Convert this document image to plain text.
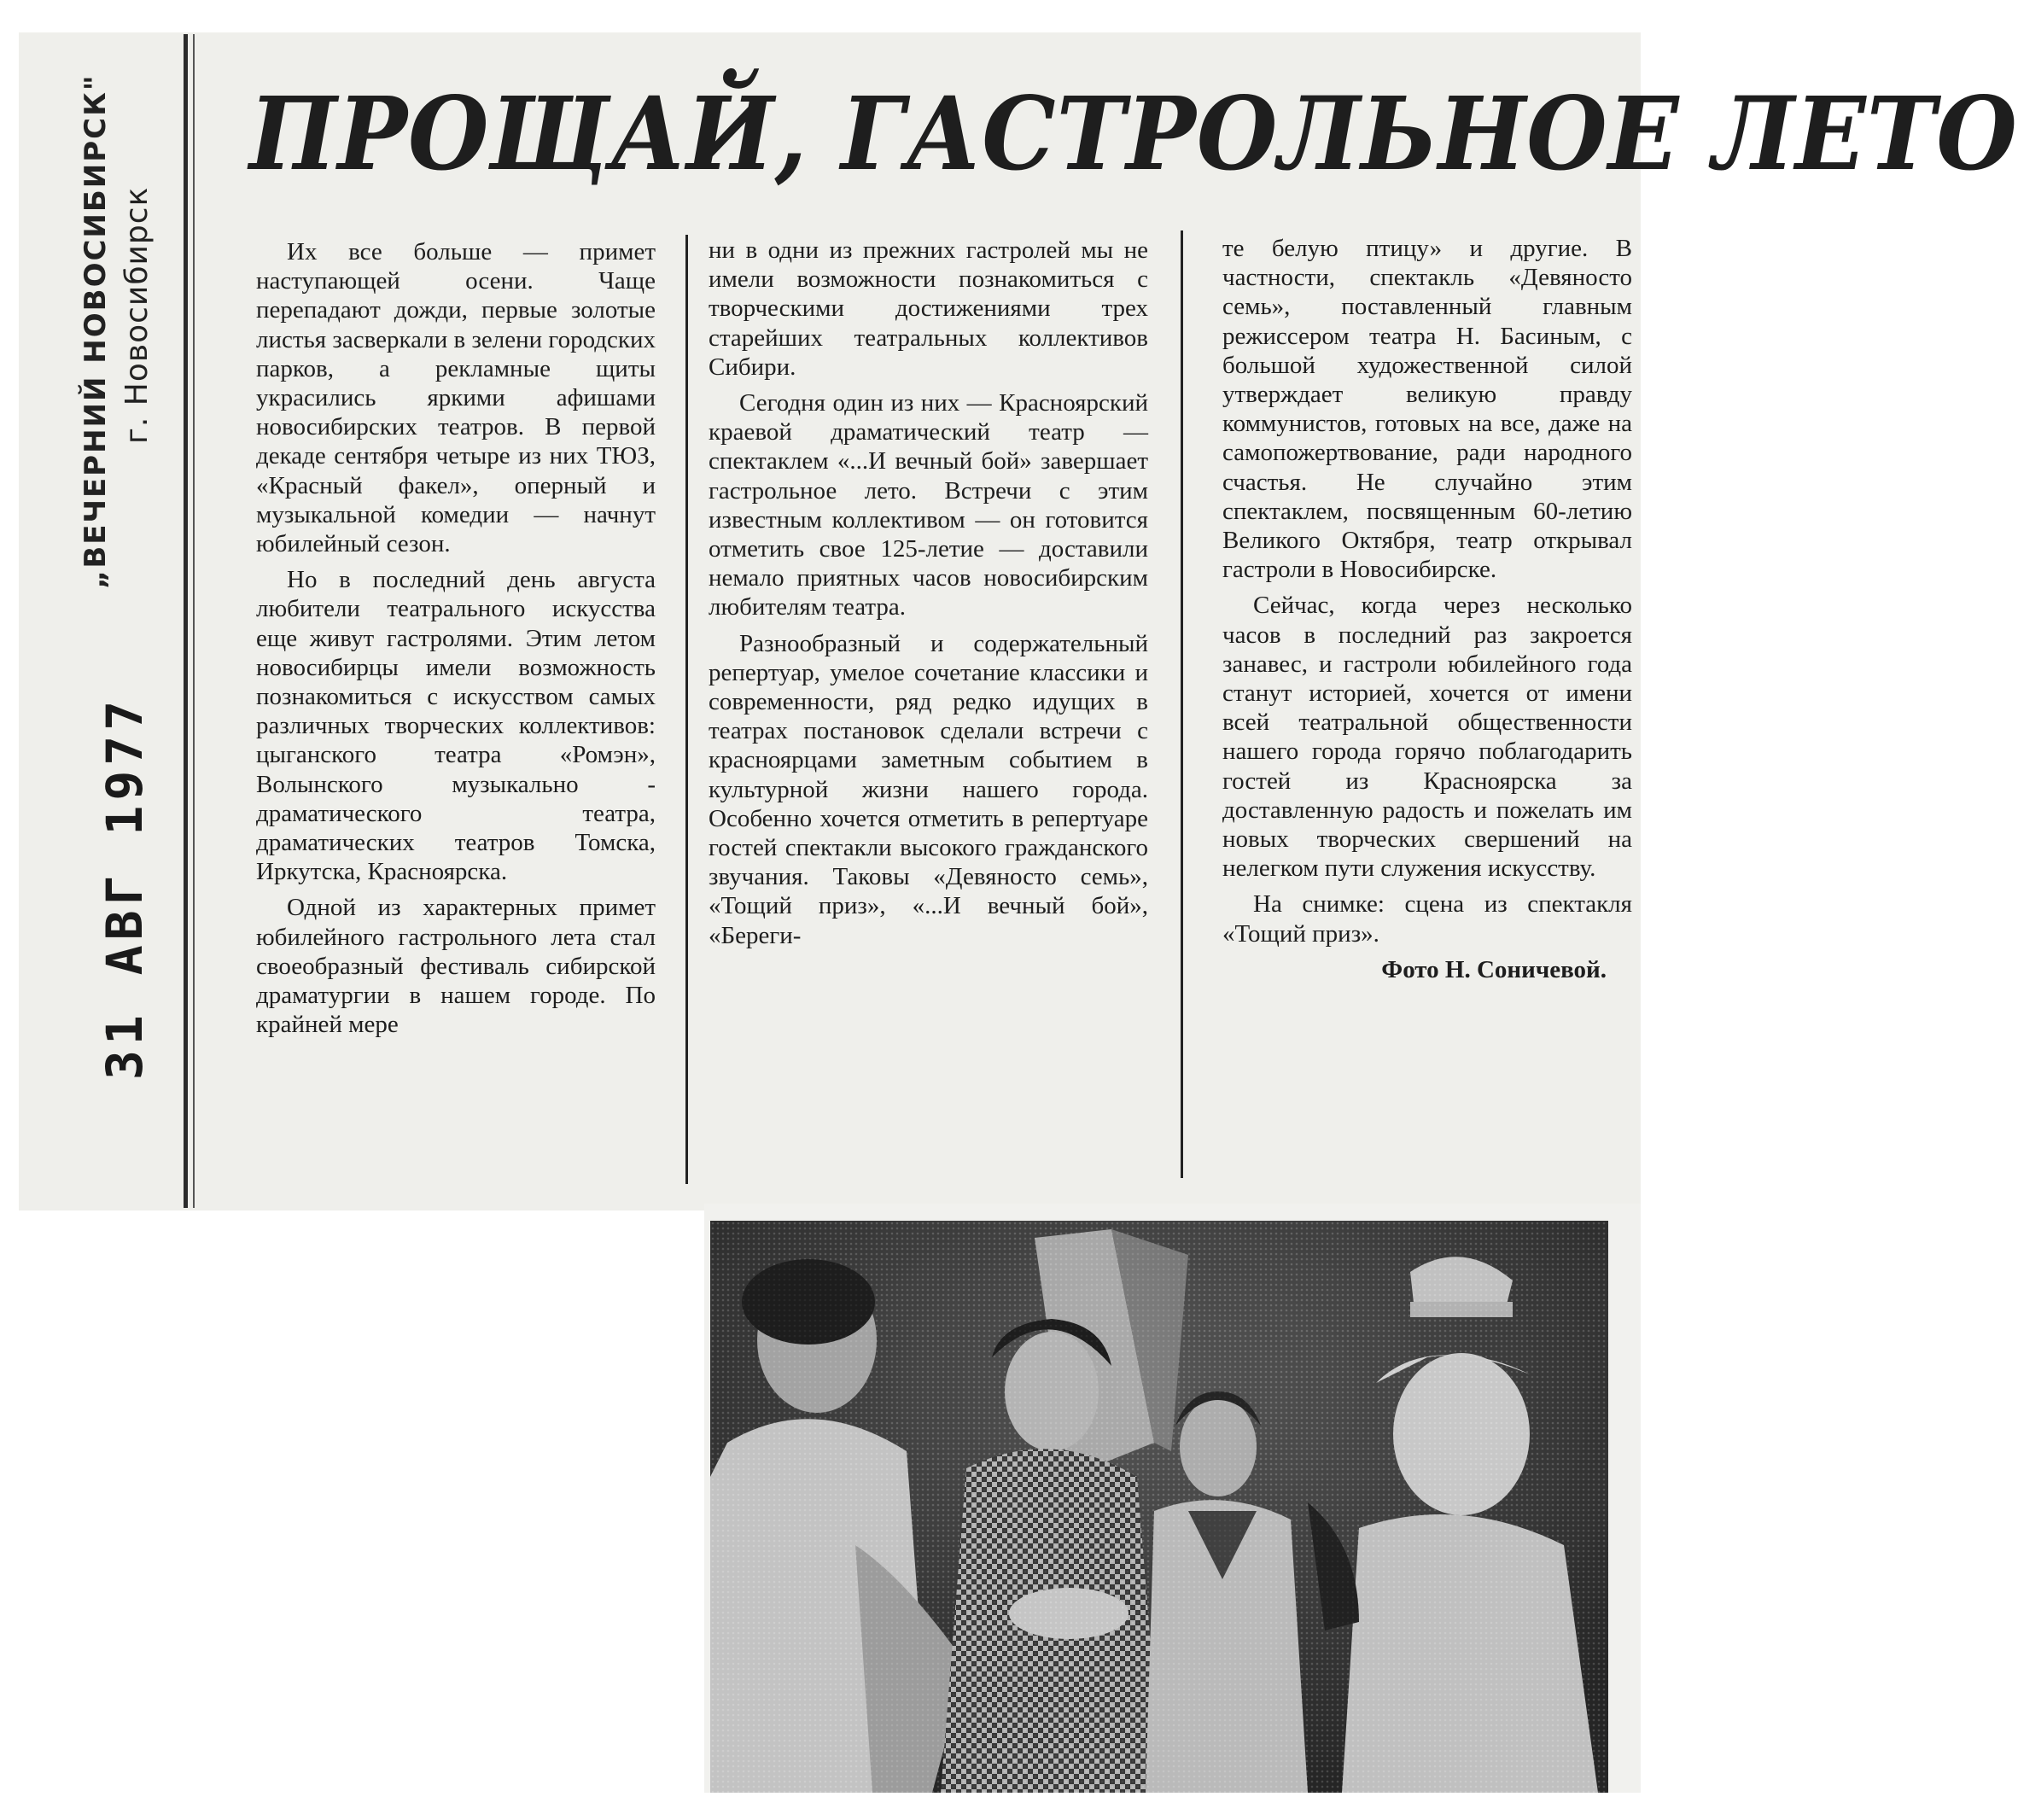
„ВЕЧЕРНИЙ НОВОСИБИРСК" г. Новосибирск
31 АВГ 1977
ПРОЩАЙ, ГАСТРОЛЬНОЕ ЛЕТО

Их все больше — примет наступающей осени. Чаще перепадают дожди, первые золотые листья засверкали в зелени городских парков, а рекламные щиты украсились яркими афишами новосибирских театров. В первой декаде сентября четыре из них ТЮЗ, «Красный факел», оперный и музыкальной комедии — начнут юбилейный сезон.

Но в последний день августа любители театрального искусства еще живут гастролями. Этим летом новосибирцы имели возможность познакомиться с искусством самых различных творческих коллективов: цыганского театра «Ромэн», Волынского музыкально - драматического театра, драматических театров Томска, Иркутска, Красноярска.

Одной из характерных примет юбилейного гастрольного лета стал своеобразный фестиваль сибирской драматургии в нашем городе. По крайней мере

ни в одни из прежних гастролей мы не имели возможности познакомиться с творческими достижениями трех старейших театральных коллективов Сибири.

Сегодня один из них — Красноярский краевой драматический театр — спектаклем «...И вечный бой» завершает гастрольное лето. Встречи с этим известным коллективом — он готовится отметить свое 125-летие — доставили немало приятных часов новосибирским любителям театра.

Разнообразный и содержательный репертуар, умелое сочетание классики и современности, ряд редко идущих в театрах постановок сделали встречи с красноярцами заметным событием в культурной жизни нашего города. Особенно хочется отметить в репертуаре гостей спектакли высокого гражданского звучания. Таковы «Девяносто семь», «Тощий приз», «...И вечный бой», «Береги-

те белую птицу» и другие. В частности, спектакль «Девяносто семь», поставленный главным режиссером театра Н. Басиным, с большой художественной силой утверждает великую правду коммунистов, готовых на все, даже на самопожертвование, ради народного счастья. Не случайно этим спектаклем, посвященным 60-летию Великого Октября, театр открывал гастроли в Новосибирске.

Сейчас, когда через несколько часов в последний раз закроется занавес, и гастроли юбилейного года станут историей, хочется от имени всей театральной общественности нашего города горячо поблагодарить гостей из Красноярска за доставленную радость и пожелать им новых творческих свершений на нелегком пути служения искусству.

На снимке: сцена из спектакля «Тощий приз».

Фото Н. Соничевой.
